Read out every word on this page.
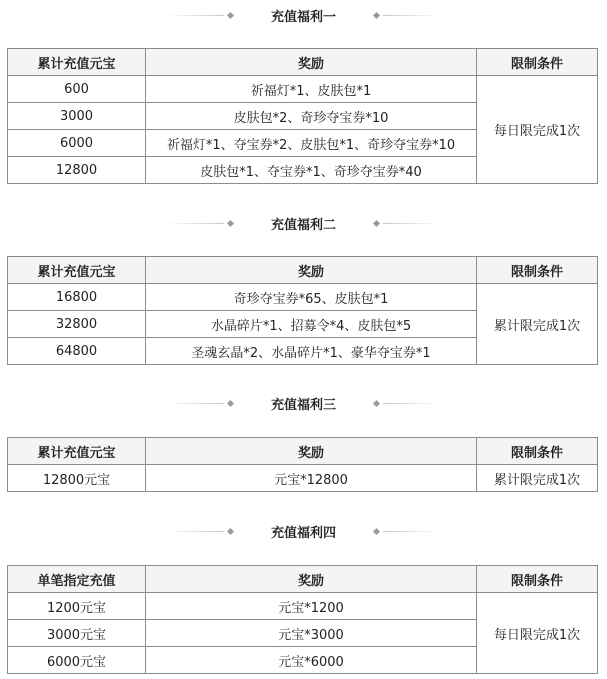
充值福利一
累计充值元宝	奖励	限制条件
600	祈福灯*1、皮肤包*1	每日限完成1次
3000	皮肤包*2、奇珍夺宝券*10	
6000	祈福灯*1、夺宝券*2、皮肤包*1、奇珍夺宝券*10	
12800	皮肤包*1、夺宝券*1、奇珍夺宝券*40	
充值福利二
累计充值元宝	奖励	限制条件
16800	奇珍夺宝券*65、皮肤包*1	累计限完成1次
32800	水晶碎片*1、招募令*4、皮肤包*5	
64800	圣魂玄晶*2、水晶碎片*1、豪华夺宝券*1	
充值福利三
累计充值元宝	奖励	限制条件
12800元宝	元宝*12800	累计限完成1次
充值福利四
单笔指定充值	奖励	限制条件
1200元宝	元宝*1200	每日限完成1次
3000元宝	元宝*3000	
6000元宝	元宝*6000	
